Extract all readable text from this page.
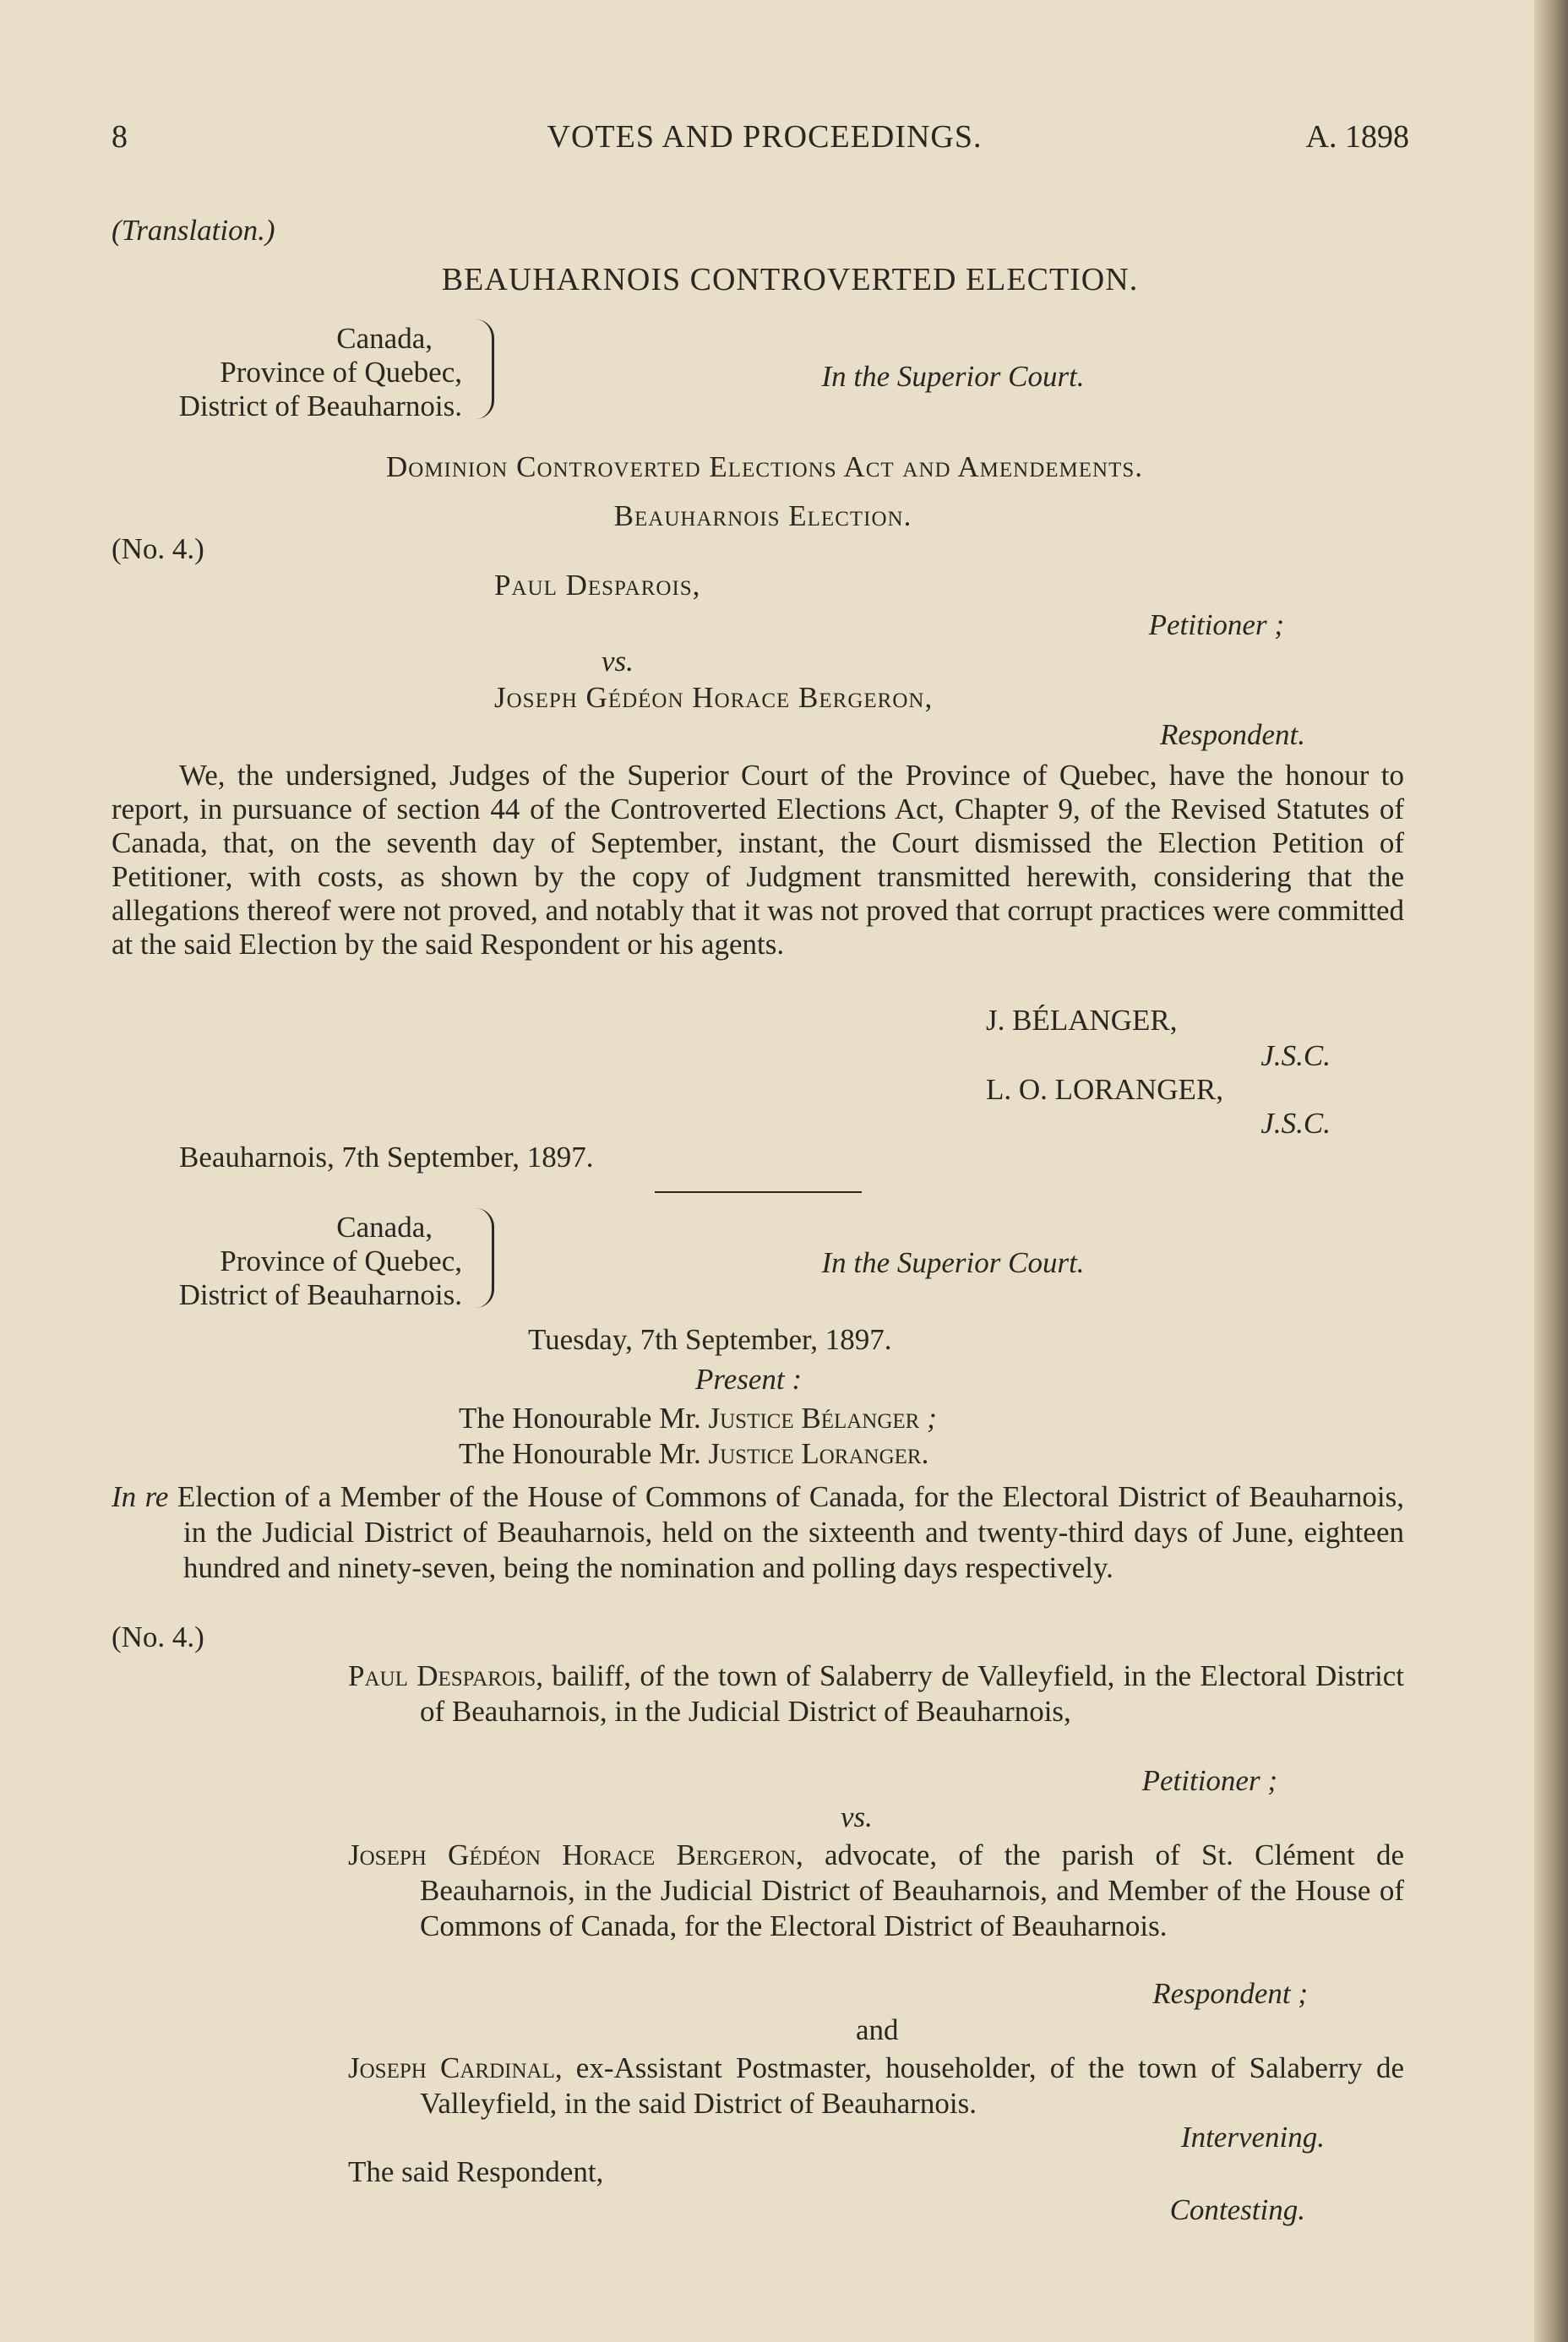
8	VOTES AND PROCEEDINGS.	A. 1898
(Translation.)
BEAUHARNOIS CONTROVERTED ELECTION.
Canada,
Province of Quebec,
District of Beauharnois.
In the Superior Court.
Dominion Controverted Elections Act and Amendements.
Beauharnois Election.
(No. 4.)
Paul Desparois,
Petitioner ;
vs.
Joseph Gédéon Horace Bergeron,
Respondent.
We, the undersigned, Judges of the Superior Court of the Province of Quebec, have the honour to report, in pursuance of section 44 of the Controverted Elections Act, Chapter 9, of the Revised Statutes of Canada, that, on the seventh day of September, instant, the Court dismissed the Election Petition of Petitioner, with costs, as shown by the copy of Judgment transmitted herewith, considering that the allegations thereof were not proved, and notably that it was not proved that corrupt practices were committed at the said Election by the said Respondent or his agents.
J. BÉLANGER,
J.S.C.
L. O. LORANGER,
J.S.C.
Beauharnois, 7th September, 1897.
Canada,
Province of Quebec,
District of Beauharnois.
In the Superior Court.
Tuesday, 7th September, 1897.
Present :
The Honourable Mr. Justice Bélanger ;
The Honourable Mr. Justice Loranger.
In re Election of a Member of the House of Commons of Canada, for the Electoral District of Beauharnois, in the Judicial District of Beauharnois, held on the sixteenth and twenty-third days of June, eighteen hundred and ninety-seven, being the nomination and polling days respectively.
(No. 4.)
Paul Desparois, bailiff, of the town of Salaberry de Valleyfield, in the Electoral District of Beauharnois, in the Judicial District of Beauharnois,
Petitioner ;
vs.
Joseph Gédéon Horace Bergeron, advocate, of the parish of St. Clément de Beauharnois, in the Judicial District of Beauharnois, and Member of the House of Commons of Canada, for the Electoral District of Beauharnois.
Respondent ;
and
Joseph Cardinal, ex-Assistant Postmaster, householder, of the town of Salaberry de Valleyfield, in the said District of Beauharnois.
Intervening.
The said Respondent,
Contesting.
